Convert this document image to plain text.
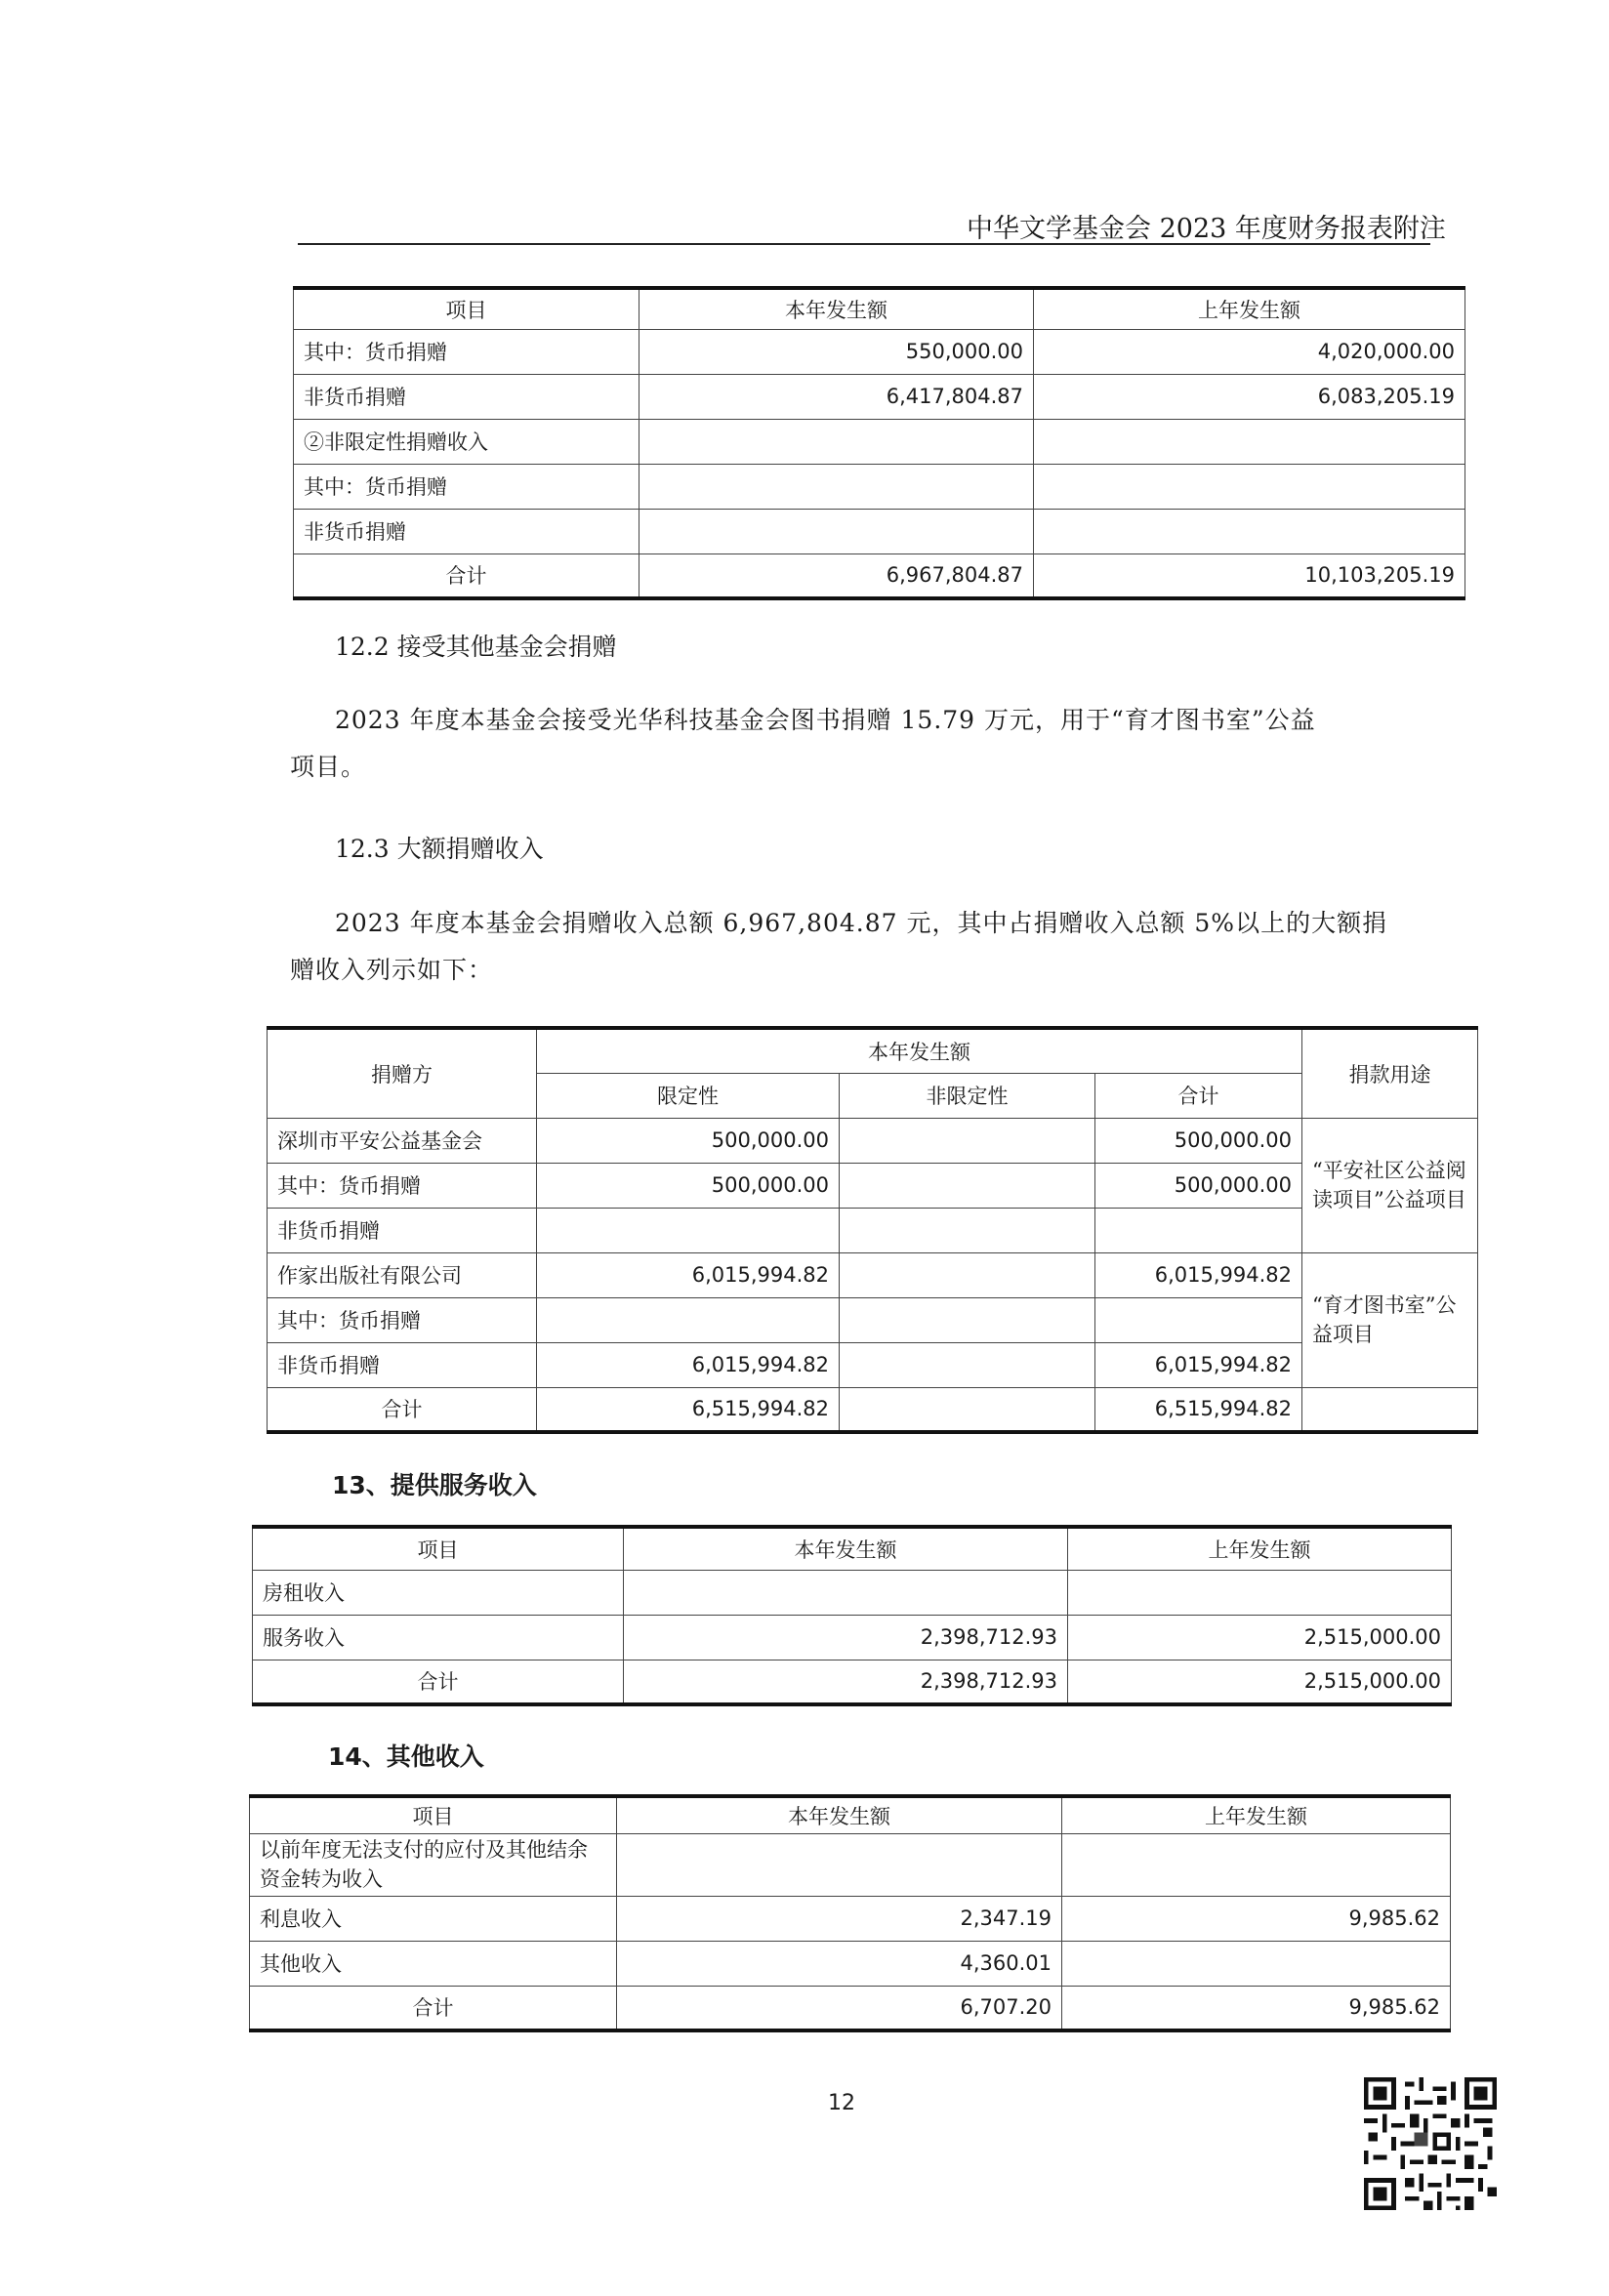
中华文学基金会 2023 年度财务报表附注
项目	本年发生额	上年发生额
其中：货币捐赠	550,000.00	4,020,000.00
非货币捐赠	6,417,804.87	6,083,205.19
②非限定性捐赠收入		
其中：货币捐赠		
非货币捐赠		
合计	6,967,804.87	10,103,205.19
12.2 接受其他基金会捐赠
2023 年度本基金会接受光华科技基金会图书捐赠 15.79 万元，用于“育才图书室”公益
项目。
12.3 大额捐赠收入
2023 年度本基金会捐赠收入总额 6,967,804.87 元，其中占捐赠收入总额 5%以上的大额捐
赠收入列示如下：
捐赠方	本年发生额			捐款用途
	限定性	非限定性	合计	
深圳市平安公益基金会	500,000.00		500,000.00	“平安社区公益阅读项目”公益项目
其中：货币捐赠	500,000.00		500,000.00	
非货币捐赠				
作家出版社有限公司	6,015,994.82		6,015,994.82	“育才图书室”公益项目
其中：货币捐赠				
非货币捐赠	6,015,994.82		6,015,994.82	
合计	6,515,994.82		6,515,994.82	
13、提供服务收入
项目	本年发生额	上年发生额
房租收入		
服务收入	2,398,712.93	2,515,000.00
合计	2,398,712.93	2,515,000.00
14、其他收入
项目	本年发生额	上年发生额
以前年度无法支付的应付及其他结余资金转为收入		
利息收入	2,347.19	9,985.62
其他收入	4,360.01	
合计	6,707.20	9,985.62
12
